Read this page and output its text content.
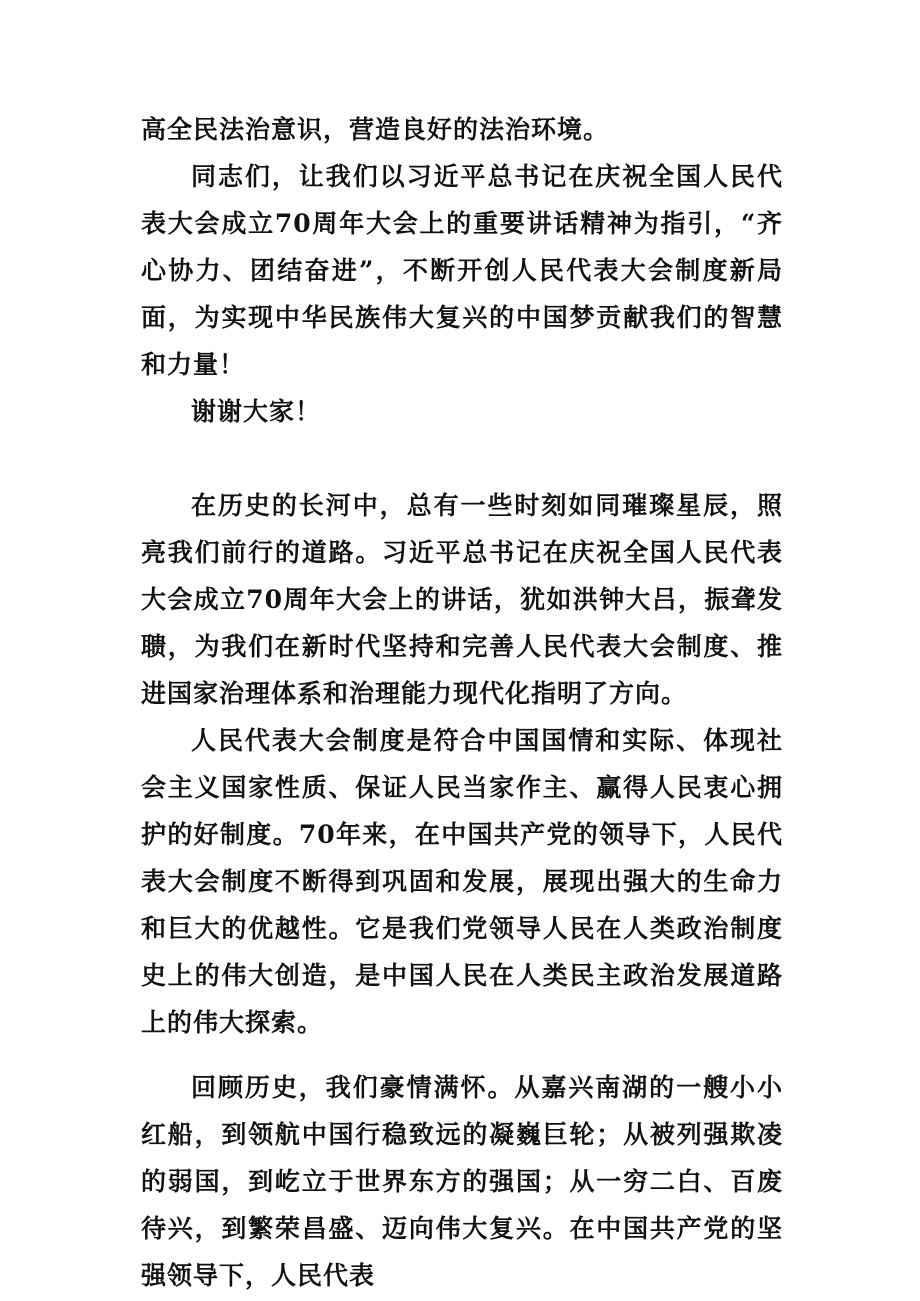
高全民法治意识，营造良好的法治环境。

同志们，让我们以习近平总书记在庆祝全国人民代表大会成立70周年大会上的重要讲话精神为指引，“齐心协力、团结奋进”，不断开创人民代表大会制度新局面，为实现中华民族伟大复兴的中国梦贡献我们的智慧和力量！

谢谢大家！

在历史的长河中，总有一些时刻如同璀璨星辰，照亮我们前行的道路。习近平总书记在庆祝全国人民代表大会成立70周年大会上的讲话，犹如洪钟大吕，振聋发聩，为我们在新时代坚持和完善人民代表大会制度、推进国家治理体系和治理能力现代化指明了方向。

人民代表大会制度是符合中国国情和实际、体现社会主义国家性质、保证人民当家作主、赢得人民衷心拥护的好制度。70年来，在中国共产党的领导下，人民代表大会制度不断得到巩固和发展，展现出强大的生命力和巨大的优越性。它是我们党领导人民在人类政治制度史上的伟大创造，是中国人民在人类民主政治发展道路上的伟大探索。

回顾历史，我们豪情满怀。从嘉兴南湖的一艘小小红船，到领航中国行稳致远的凝巍巨轮；从被列强欺凌的弱国，到屹立于世界东方的强国；从一穷二白、百废待兴，到繁荣昌盛、迈向伟大复兴。在中国共产党的坚强领导下，人民代表
